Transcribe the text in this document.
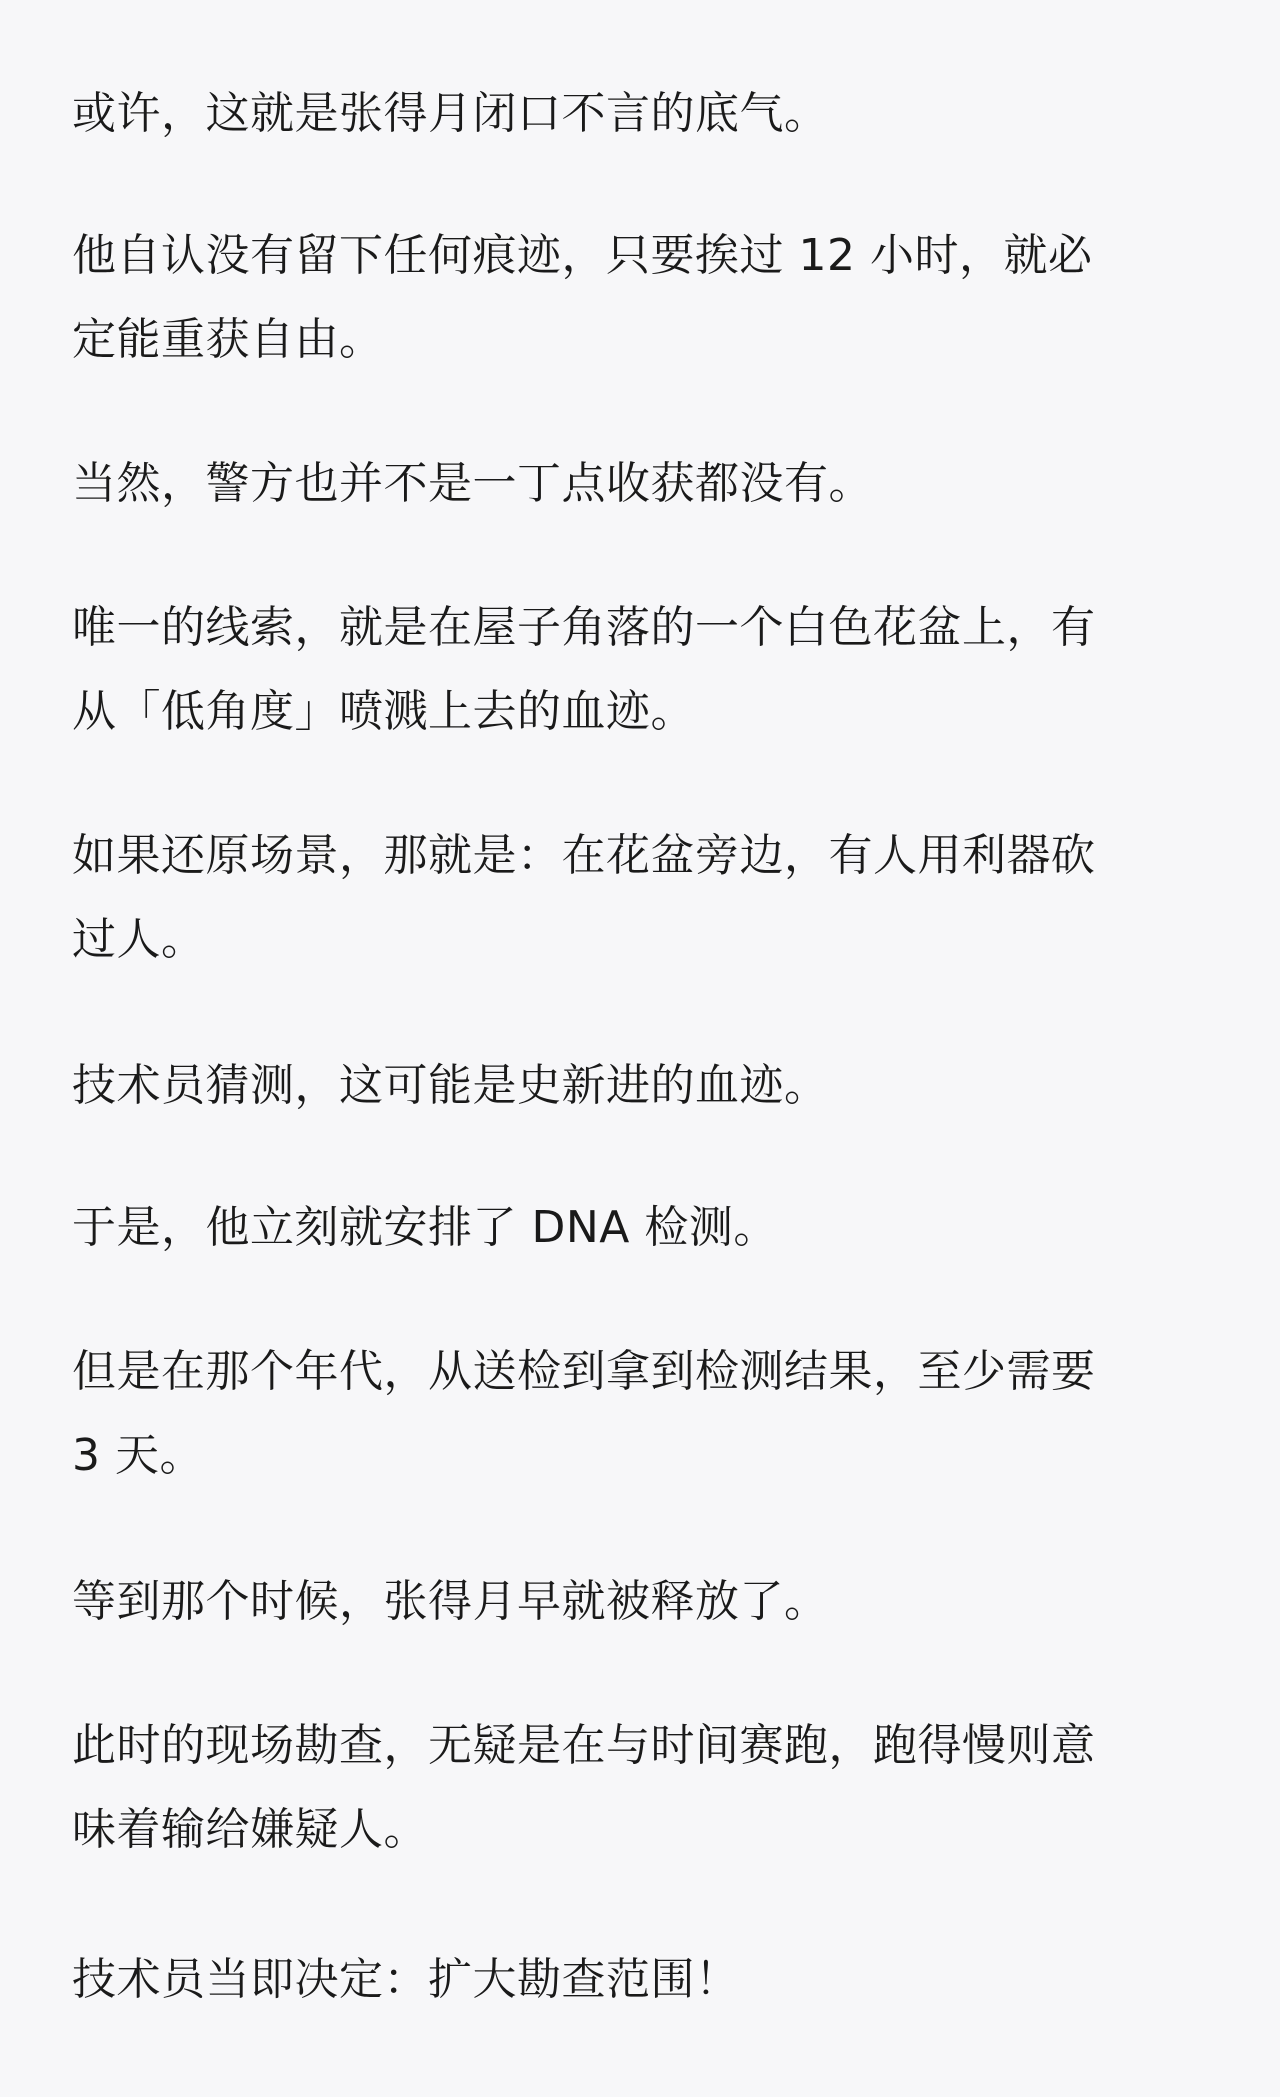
或许，这就是张得月闭口不言的底气。

他自认没有留下任何痕迹，只要挨过 12 小时，就必
定能重获自由。

当然，警方也并不是一丁点收获都没有。

唯一的线索，就是在屋子角落的一个白色花盆上，有
从「低角度」喷溅上去的血迹。

如果还原场景，那就是：在花盆旁边，有人用利器砍
过人。

技术员猜测，这可能是史新进的血迹。

于是，他立刻就安排了 DNA 检测。

但是在那个年代，从送检到拿到检测结果，至少需要
3 天。

等到那个时候，张得月早就被释放了。

此时的现场勘查，无疑是在与时间赛跑，跑得慢则意
味着输给嫌疑人。

技术员当即决定：扩大勘查范围！
